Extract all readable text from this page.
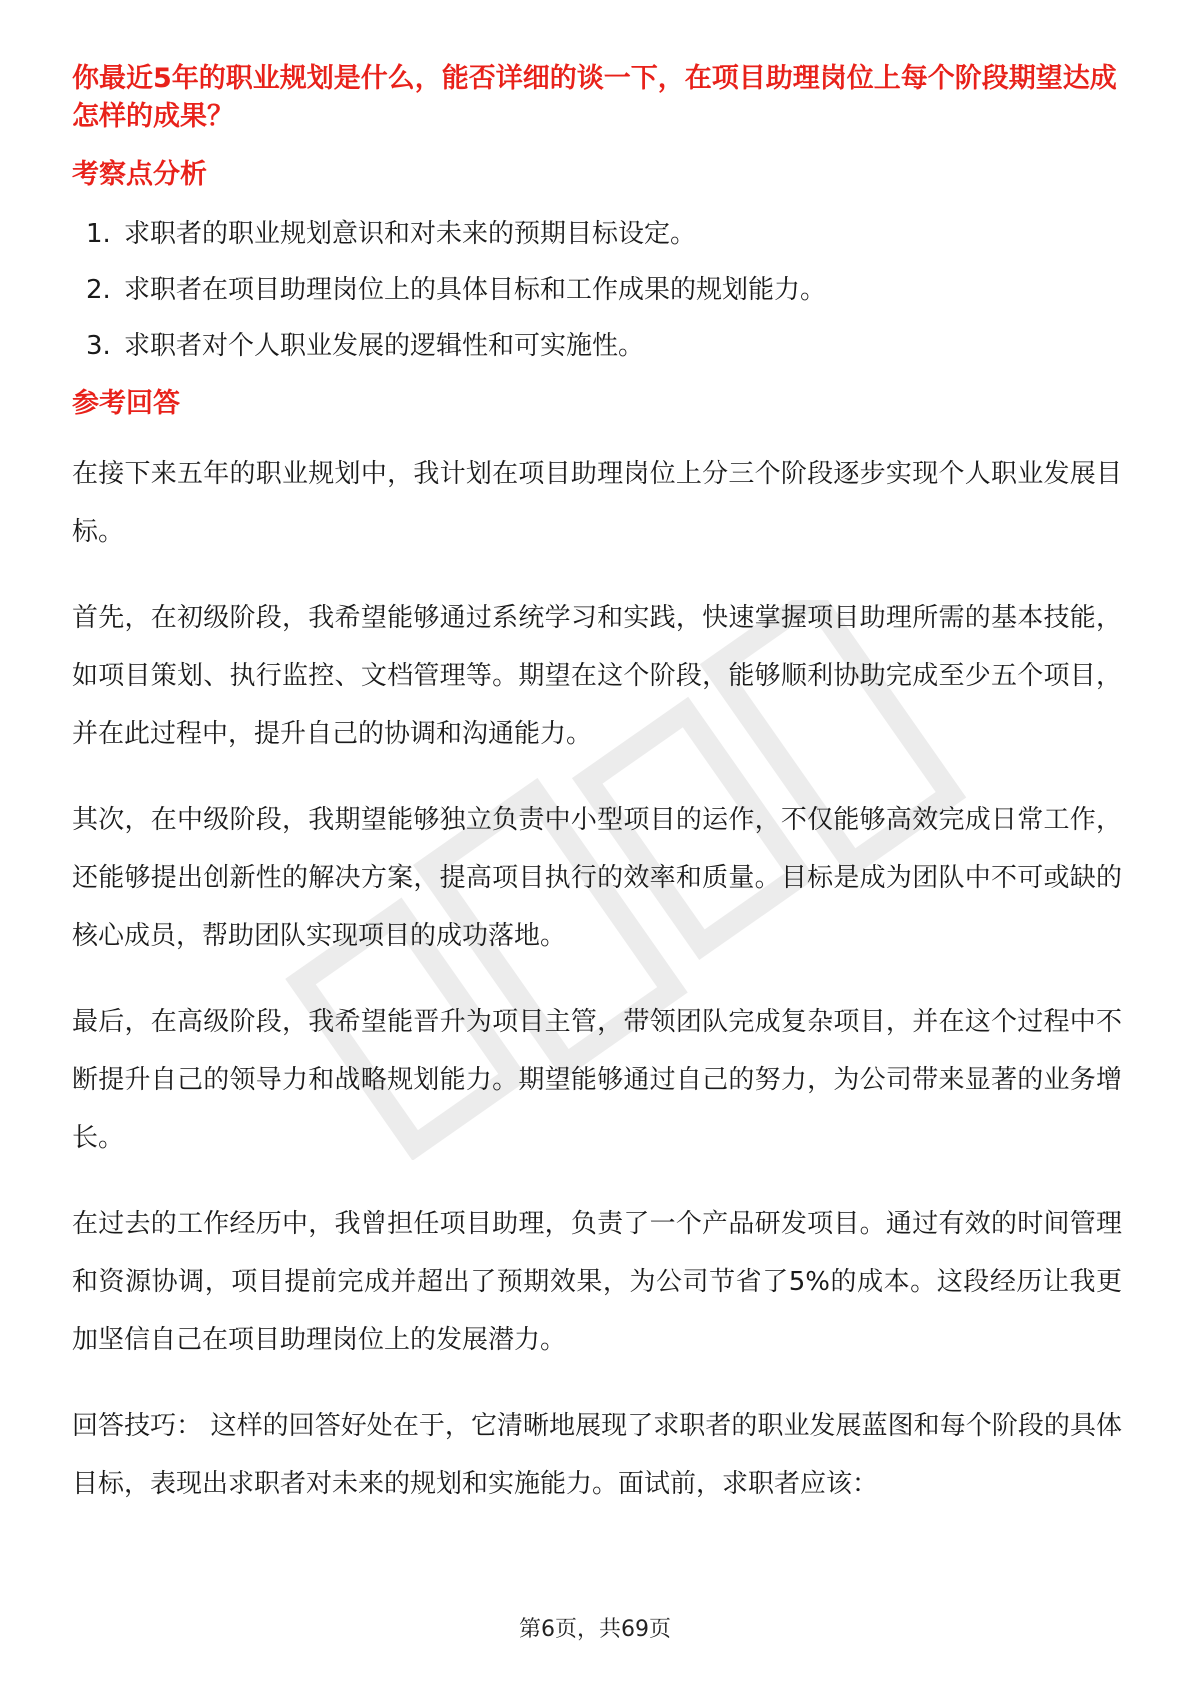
你最近5年的职业规划是什么，能否详细的谈一下，在项目助理岗位上每个阶段期望达成怎样的成果？

考察点分析

1. 求职者的职业规划意识和对未来的预期目标设定。
2. 求职者在项目助理岗位上的具体目标和工作成果的规划能力。
3. 求职者对个人职业发展的逻辑性和可实施性。

参考回答

在接下来五年的职业规划中，我计划在项目助理岗位上分三个阶段逐步实现个人职业发展目标。

首先，在初级阶段，我希望能够通过系统学习和实践，快速掌握项目助理所需的基本技能，如项目策划、执行监控、文档管理等。期望在这个阶段，能够顺利协助完成至少五个项目，并在此过程中，提升自己的协调和沟通能力。

其次，在中级阶段，我期望能够独立负责中小型项目的运作，不仅能够高效完成日常工作，还能够提出创新性的解决方案，提高项目执行的效率和质量。目标是成为团队中不可或缺的核心成员，帮助团队实现项目的成功落地。

最后，在高级阶段，我希望能晋升为项目主管，带领团队完成复杂项目，并在这个过程中不断提升自己的领导力和战略规划能力。期望能够通过自己的努力，为公司带来显著的业务增长。

在过去的工作经历中，我曾担任项目助理，负责了一个产品研发项目。通过有效的时间管理和资源协调，项目提前完成并超出了预期效果，为公司节省了5%的成本。这段经历让我更加坚信自己在项目助理岗位上的发展潜力。

回答技巧： 这样的回答好处在于，它清晰地展现了求职者的职业发展蓝图和每个阶段的具体目标，表现出求职者对未来的规划和实施能力。面试前，求职者应该：

第6页，共69页
